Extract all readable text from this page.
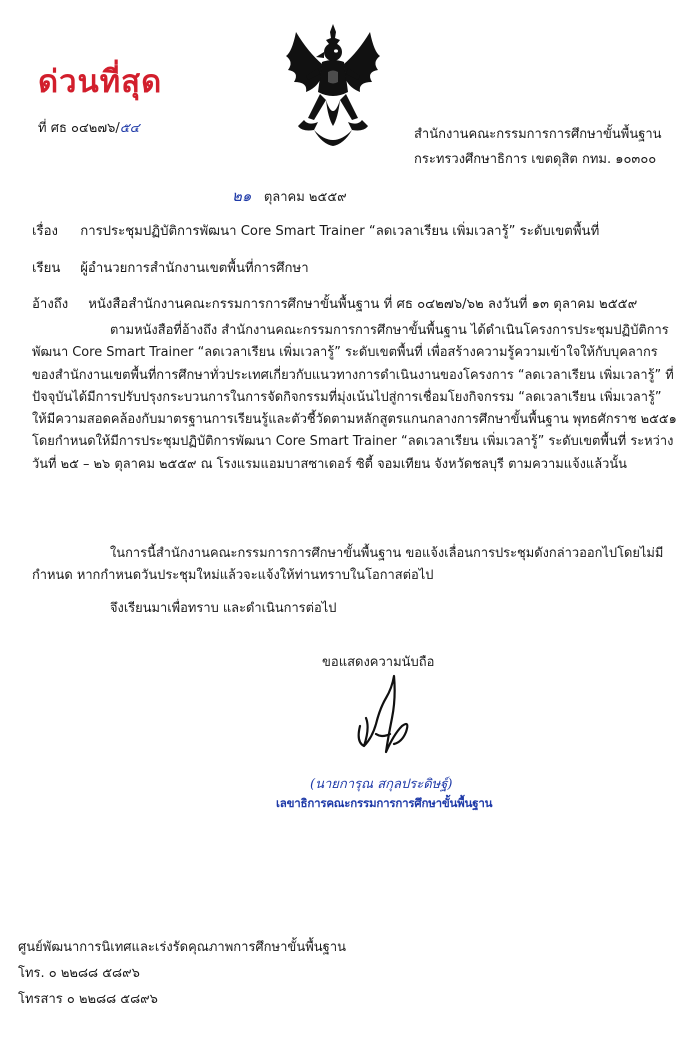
ด่วนที่สุด
ที่ ศธ ๐๔๒๗๖/๕๔	สำนักงานคณะกรรมการการศึกษาขั้นพื้นฐาน
กระทรวงศึกษาธิการ เขตดุสิต กทม. ๑๐๓๐๐
๒๑ ตุลาคม ๒๕๕๙
เรื่อง การประชุมปฏิบัติการพัฒนา Core Smart Trainer “ลดเวลาเรียน เพิ่มเวลารู้” ระดับเขตพื้นที่
เรียน ผู้อำนวยการสำนักงานเขตพื้นที่การศึกษา
อ้างถึง หนังสือสำนักงานคณะกรรมการการศึกษาขั้นพื้นฐาน ที่ ศธ ๐๔๒๗๖/๖๒ ลงวันที่ ๑๓ ตุลาคม ๒๕๕๙

ตามหนังสือที่อ้างถึง สำนักงานคณะกรรมการการศึกษาขั้นพื้นฐาน ได้ดำเนินโครงการประชุมปฏิบัติการพัฒนา Core Smart Trainer “ลดเวลาเรียน เพิ่มเวลารู้” ระดับเขตพื้นที่ เพื่อสร้างความรู้ความเข้าใจให้กับบุคลากรของสำนักงานเขตพื้นที่การศึกษาทั่วประเทศเกี่ยวกับแนวทางการดำเนินงานของโครงการ “ลดเวลาเรียน เพิ่มเวลารู้” ที่ปัจจุบันได้มีการปรับปรุงกระบวนการในการจัดกิจกรรมที่มุ่งเน้นไปสู่การเชื่อมโยงกิจกรรม “ลดเวลาเรียน เพิ่มเวลารู้” ให้มีความสอดคล้องกับมาตรฐานการเรียนรู้และตัวชี้วัดตามหลักสูตรแกนกลางการศึกษาขั้นพื้นฐาน พุทธศักราช ๒๕๕๑ โดยกำหนดให้มีการประชุมปฏิบัติการพัฒนา Core Smart Trainer “ลดเวลาเรียน เพิ่มเวลารู้” ระดับเขตพื้นที่ ระหว่างวันที่ ๒๕ – ๒๖ ตุลาคม ๒๕๕๙ ณ โรงแรมแอมบาสซาเดอร์ ซิตี้ จอมเทียน จังหวัดชลบุรี ตามความแจ้งแล้วนั้น

ในการนี้สำนักงานคณะกรรมการการศึกษาขั้นพื้นฐาน ขอแจ้งเลื่อนการประชุมดังกล่าวออกไปโดยไม่มีกำหนด หากกำหนดวันประชุมใหม่แล้วจะแจ้งให้ท่านทราบในโอกาสต่อไป

จึงเรียนมาเพื่อทราบ และดำเนินการต่อไป

ขอแสดงความนับถือ
(นายการุณ สกุลประดิษฐ์)
เลขาธิการคณะกรรมการการศึกษาขั้นพื้นฐาน
ศูนย์พัฒนาการนิเทศและเร่งรัดคุณภาพการศึกษาขั้นพื้นฐาน
โทร. ๐ ๒๒๘๘ ๕๘๙๖
โทรสาร ๐ ๒๒๘๘ ๕๘๙๖
